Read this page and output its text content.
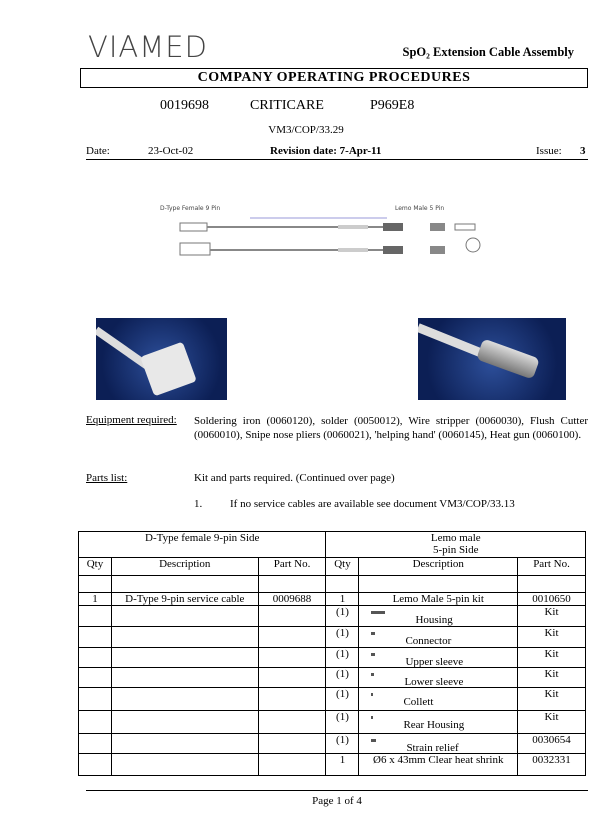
VIAMED	SpO₂ Extension Cable Assembly
COMPANY OPERATING PROCEDURES
0019698	CRITICARE	P969E8
VM3/COP/33.29
Date:	23-Oct-02	Revision date: 7-Apr-11	Issue: 3
D-Type Female 9 Pin	Lemo Male 5 Pin
Equipment required: Soldering iron (0060120), solder (0050012), Wire stripper (0060030), Flush Cutter (0060010), Snipe nose pliers (0060021), 'helping hand' (0060145), Heat gun (0060100).
Parts list:	Kit and parts required. (Continued over page)
1.	If no service cables are available see document VM3/COP/33.13
D-Type female 9-pin Side			Lemo male
5-pin Side		
Qty	Description	Part No.	Qty	Description	Part No.

1	D-Type 9-pin service cable	0009688	1	Lemo Male 5-pin kit	0010650
			(1)	Housing	Kit
			(1)	Connector	Kit
			(1)	Upper sleeve	Kit
			(1)	Lower sleeve	Kit
			(1)	Collett	Kit
			(1)	Rear Housing	Kit
			(1)	Strain relief	0030654
			1	Ø6 x 43mm Clear heat shrink	0032331
Page 1 of 4
